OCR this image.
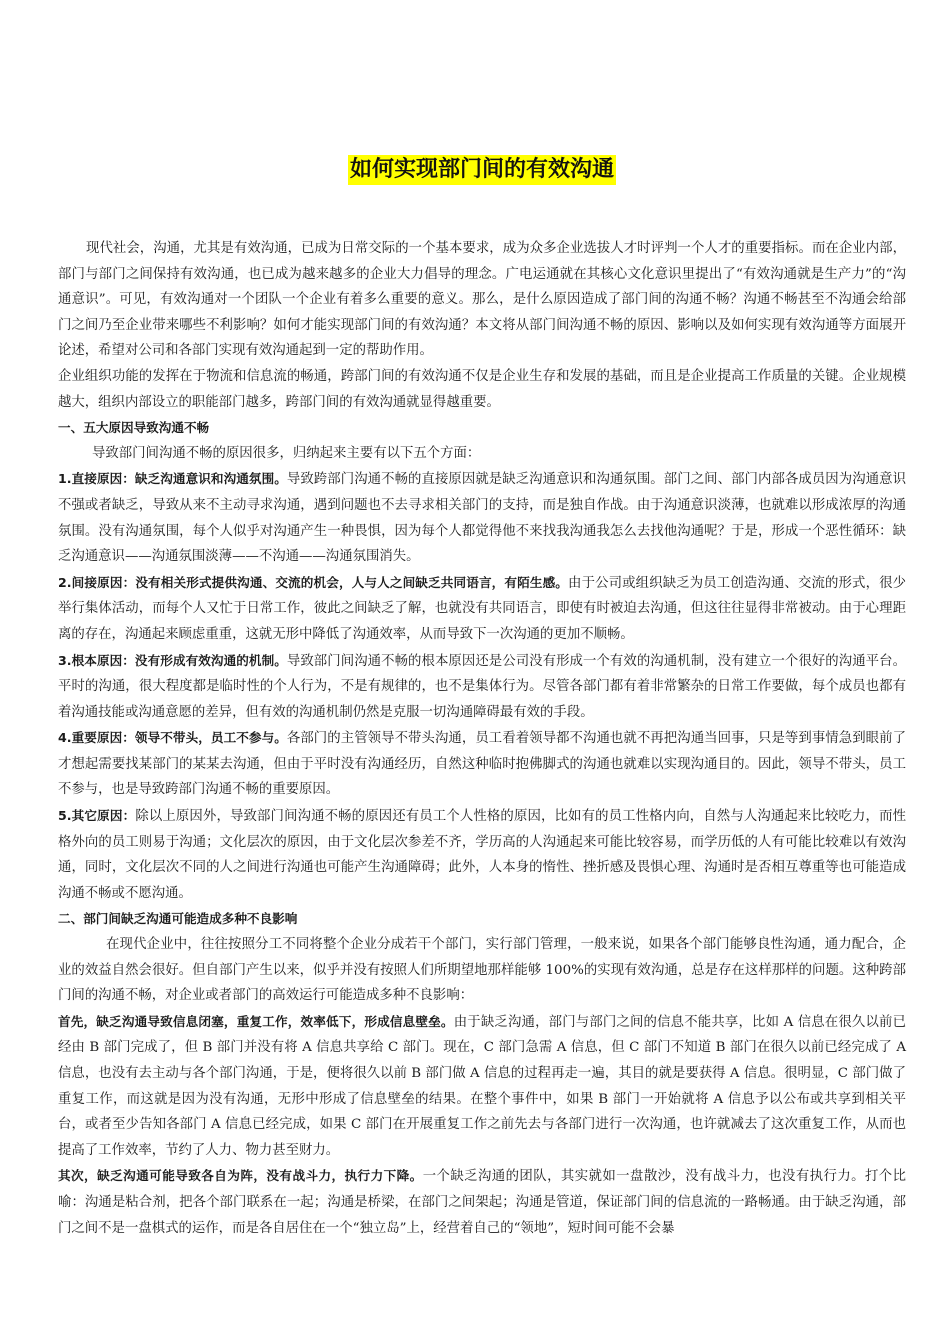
如何实现部门间的有效沟通

现代社会，沟通，尤其是有效沟通，已成为日常交际的一个基本要求，成为众多企业选拔人才时评判一个人才的重要指标。而在企业内部，部门与部门之间保持有效沟通，也已成为越来越多的企业大力倡导的理念。广电运通就在其核心文化意识里提出了“有效沟通就是生产力”的“沟通意识”。可见，有效沟通对一个团队一个企业有着多么重要的意义。那么，是什么原因造成了部门间的沟通不畅？沟通不畅甚至不沟通会给部门之间乃至企业带来哪些不利影响？如何才能实现部门间的有效沟通？本文将从部门间沟通不畅的原因、影响以及如何实现有效沟通等方面展开论述，希望对公司和各部门实现有效沟通起到一定的帮助作用。

企业组织功能的发挥在于物流和信息流的畅通，跨部门间的有效沟通不仅是企业生存和发展的基础，而且是企业提高工作质量的关键。企业规模越大，组织内部设立的职能部门越多，跨部门间的有效沟通就显得越重要。

一、五大原因导致沟通不畅

导致部门间沟通不畅的原因很多，归纳起来主要有以下五个方面：

1.直接原因：缺乏沟通意识和沟通氛围。导致跨部门沟通不畅的直接原因就是缺乏沟通意识和沟通氛围。部门之间、部门内部各成员因为沟通意识不强或者缺乏，导致从来不主动寻求沟通，遇到问题也不去寻求相关部门的支持，而是独自作战。由于沟通意识淡薄，也就难以形成浓厚的沟通氛围。没有沟通氛围，每个人似乎对沟通产生一种畏惧，因为每个人都觉得他不来找我沟通我怎么去找他沟通呢？于是，形成一个恶性循环：缺乏沟通意识——沟通氛围淡薄——不沟通——沟通氛围消失。

2.间接原因：没有相关形式提供沟通、交流的机会，人与人之间缺乏共同语言，有陌生感。由于公司或组织缺乏为员工创造沟通、交流的形式，很少举行集体活动，而每个人又忙于日常工作，彼此之间缺乏了解，也就没有共同语言，即使有时被迫去沟通，但这往往显得非常被动。由于心理距离的存在，沟通起来顾虑重重，这就无形中降低了沟通效率，从而导致下一次沟通的更加不顺畅。

3.根本原因：没有形成有效沟通的机制。导致部门间沟通不畅的根本原因还是公司没有形成一个有效的沟通机制，没有建立一个很好的沟通平台。平时的沟通，很大程度都是临时性的个人行为，不是有规律的，也不是集体行为。尽管各部门都有着非常繁杂的日常工作要做，每个成员也都有着沟通技能或沟通意愿的差异，但有效的沟通机制仍然是克服一切沟通障碍最有效的手段。

4.重要原因：领导不带头，员工不参与。各部门的主管领导不带头沟通，员工看着领导都不沟通也就不再把沟通当回事，只是等到事情急到眼前了才想起需要找某部门的某某去沟通，但由于平时没有沟通经历，自然这种临时抱佛脚式的沟通也就难以实现沟通目的。因此，领导不带头，员工不参与，也是导致跨部门沟通不畅的重要原因。

5.其它原因：除以上原因外，导致部门间沟通不畅的原因还有员工个人性格的原因，比如有的员工性格内向，自然与人沟通起来比较吃力，而性格外向的员工则易于沟通；文化层次的原因，由于文化层次参差不齐，学历高的人沟通起来可能比较容易，而学历低的人有可能比较难以有效沟通，同时，文化层次不同的人之间进行沟通也可能产生沟通障碍；此外，人本身的惰性、挫折感及畏惧心理、沟通时是否相互尊重等也可能造成沟通不畅或不愿沟通。

二、部门间缺乏沟通可能造成多种不良影响

在现代企业中，往往按照分工不同将整个企业分成若干个部门，实行部门管理，一般来说，如果各个部门能够良性沟通，通力配合，企业的效益自然会很好。但自部门产生以来，似乎并没有按照人们所期望地那样能够 100%的实现有效沟通，总是存在这样那样的问题。这种跨部门间的沟通不畅，对企业或者部门的高效运行可能造成多种不良影响：

首先，缺乏沟通导致信息闭塞，重复工作，效率低下，形成信息壁垒。由于缺乏沟通，部门与部门之间的信息不能共享，比如 A 信息在很久以前已经由 B 部门完成了，但 B 部门并没有将 A 信息共享给 C 部门。现在，C 部门急需 A 信息，但 C 部门不知道 B 部门在很久以前已经完成了 A 信息，也没有去主动与各个部门沟通，于是，便将很久以前 B 部门做 A 信息的过程再走一遍，其目的就是要获得 A 信息。很明显，C 部门做了重复工作，而这就是因为没有沟通，无形中形成了信息壁垒的结果。在整个事件中，如果 B 部门一开始就将 A 信息予以公布或共享到相关平台，或者至少告知各部门 A 信息已经完成，如果 C 部门在开展重复工作之前先去与各部门进行一次沟通，也许就减去了这次重复工作，从而也提高了工作效率，节约了人力、物力甚至财力。

其次，缺乏沟通可能导致各自为阵，没有战斗力，执行力下降。一个缺乏沟通的团队，其实就如一盘散沙，没有战斗力，也没有执行力。打个比喻：沟通是粘合剂，把各个部门联系在一起；沟通是桥梁，在部门之间架起；沟通是管道，保证部门间的信息流的一路畅通。由于缺乏沟通，部门之间不是一盘棋式的运作，而是各自居住在一个“独立岛”上，经营着自己的“领地”，短时间可能不会暴
